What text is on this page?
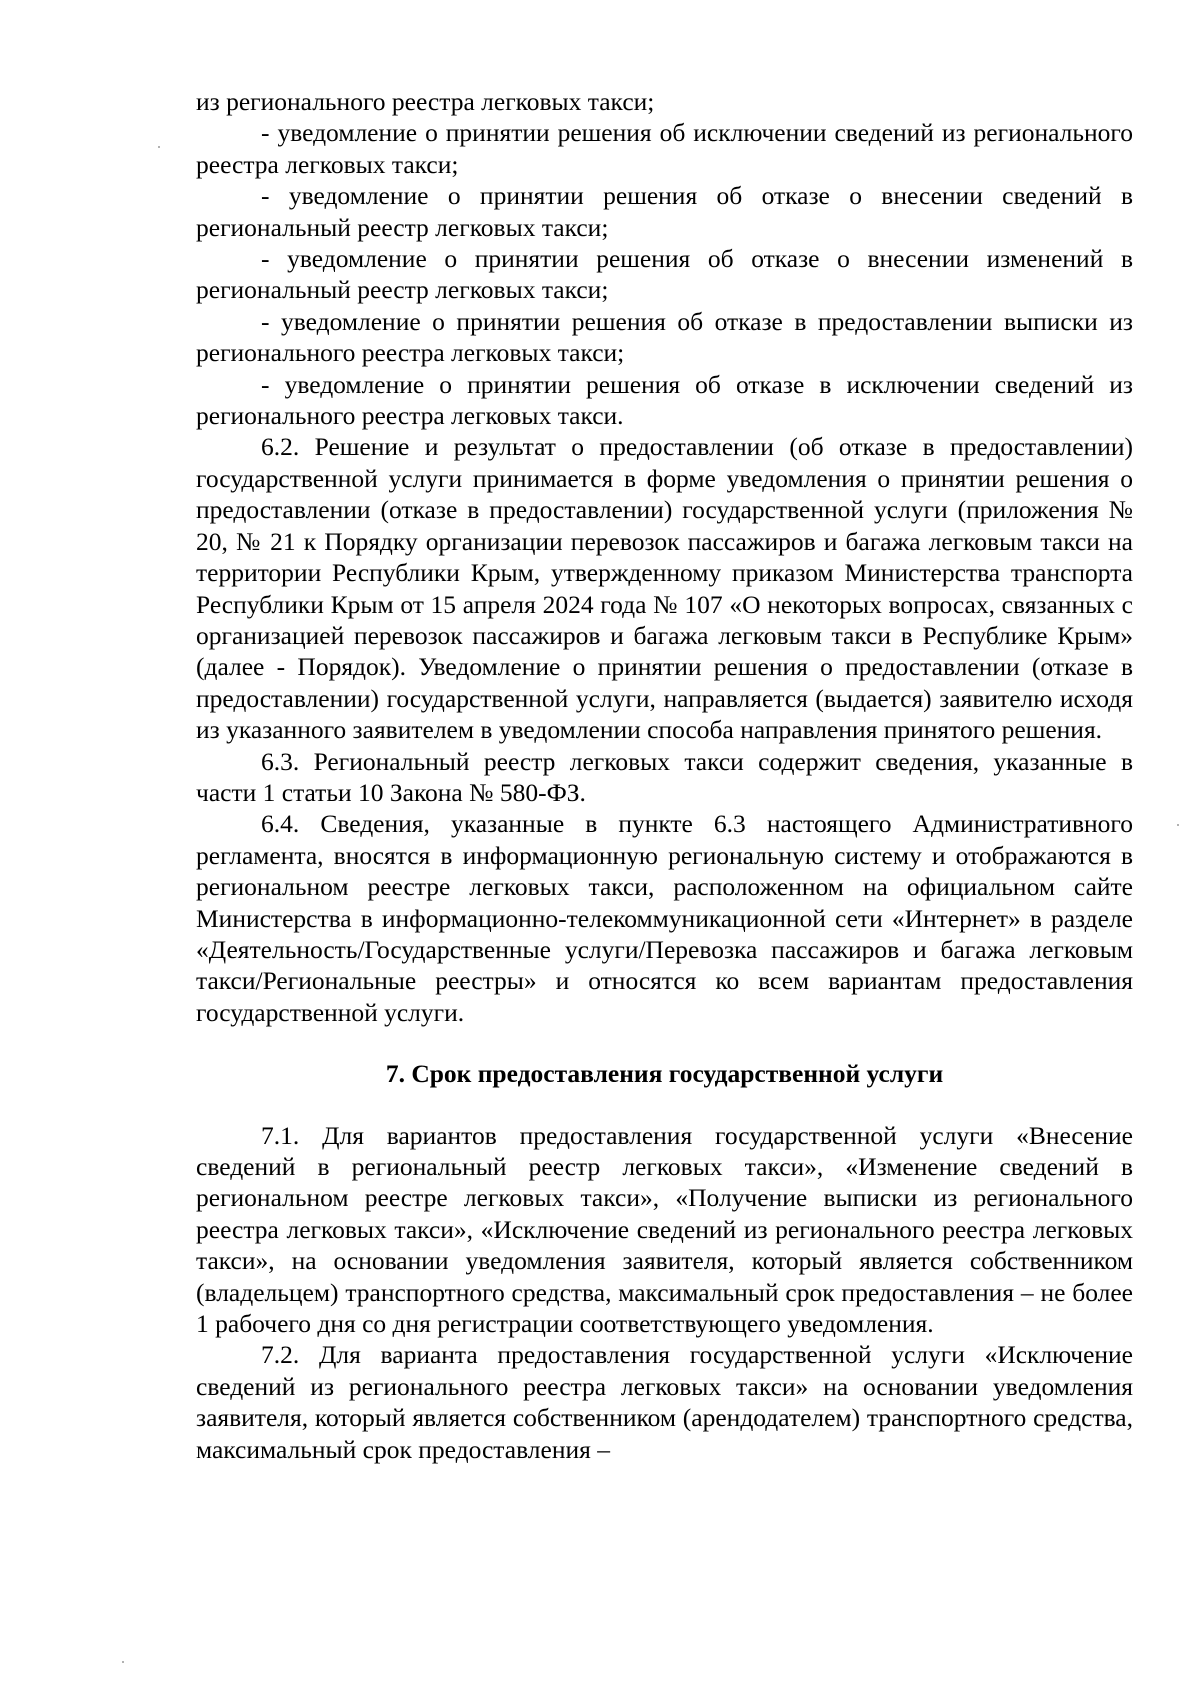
из регионального реестра легковых такси;

- уведомление о принятии решения об исключении сведений из регионального реестра легковых такси;

- уведомление о принятии решения об отказе о внесении сведений в региональный реестр легковых такси;

- уведомление о принятии решения об отказе о внесении изменений в региональный реестр легковых такси;

- уведомление о принятии решения об отказе в предоставлении выписки из регионального реестра легковых такси;

- уведомление о принятии решения об отказе в исключении сведений из регионального реестра легковых такси.

6.2. Решение и результат о предоставлении (об отказе в предоставлении) государственной услуги принимается в форме уведомления о принятии решения о предоставлении (отказе в предоставлении) государственной услуги (приложения № 20, № 21 к Порядку организации перевозок пассажиров и багажа легковым такси на территории Республики Крым, утвержденному приказом Министерства транспорта Республики Крым от 15 апреля 2024 года № 107 «О некоторых вопросах, связанных с организацией перевозок пассажиров и багажа легковым такси в Республике Крым» (далее - Порядок). Уведомление о принятии решения о предоставлении (отказе в предоставлении) государственной услуги, направляется (выдается) заявителю исходя из указанного заявителем в уведомлении способа направления принятого решения.

6.3. Региональный реестр легковых такси содержит сведения, указанные в части 1 статьи 10 Закона № 580-ФЗ.

6.4. Сведения, указанные в пункте 6.3 настоящего Административного регламента, вносятся в информационную региональную систему и отображаются в региональном реестре легковых такси, расположенном на официальном сайте Министерства в информационно-телекоммуникационной сети «Интернет» в разделе «Деятельность/Государственные услуги/Перевозка пассажиров и багажа легковым такси/Региональные реестры» и относятся ко всем вариантам предоставления государственной услуги.

7. Срок предоставления государственной услуги

7.1. Для вариантов предоставления государственной услуги «Внесение сведений в региональный реестр легковых такси», «Изменение сведений в региональном реестре легковых такси», «Получение выписки из регионального реестра легковых такси», «Исключение сведений из регионального реестра легковых такси», на основании уведомления заявителя, который является собственником (владельцем) транспортного средства, максимальный срок предоставления – не более 1 рабочего дня со дня регистрации соответствующего уведомления.

7.2. Для варианта предоставления государственной услуги «Исключение сведений из регионального реестра легковых такси» на основании уведомления заявителя, который является собственником (арендодателем) транспортного средства, максимальный срок предоставления –
